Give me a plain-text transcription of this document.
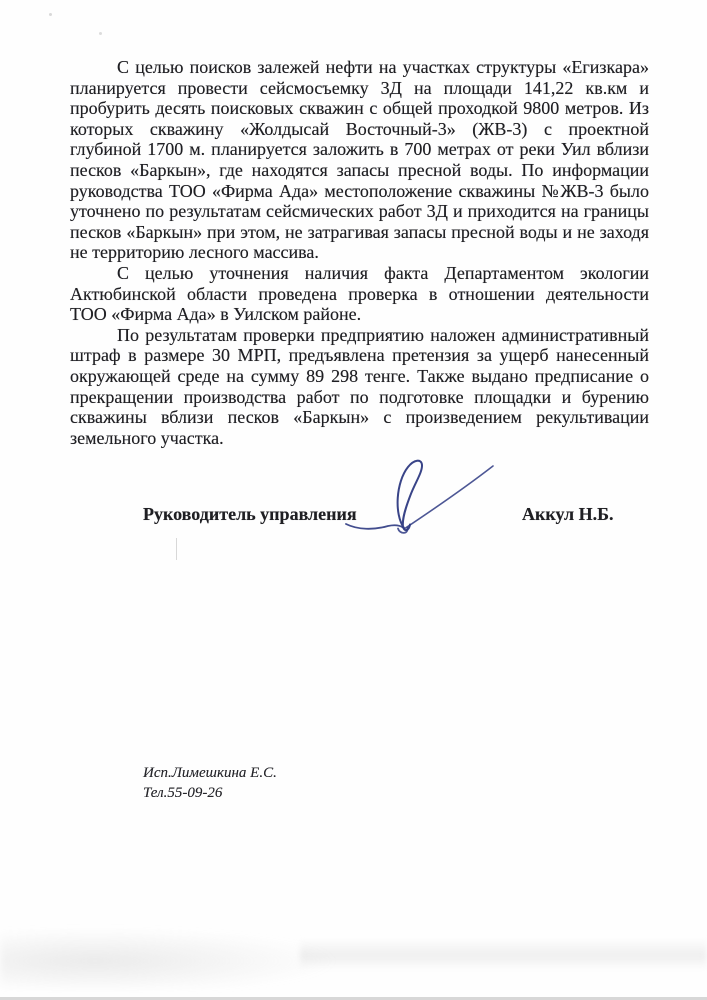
С целью поисков залежей нефти на участках структуры «Егизкара» планируется провести сейсмосъемку 3Д на площади 141,22 кв.км и пробурить десять поисковых скважин с общей проходкой 9800 метров. Из которых скважину «Жолдысай Восточный-3» (ЖВ-3) с проектной глубиной 1700 м. планируется заложить в 700 метрах от реки Уил вблизи песков «Баркын», где находятся запасы пресной воды. По информации руководства ТОО «Фирма Ада» местоположение скважины №ЖВ-3 было уточнено по результатам сейсмических работ 3Д и приходится на границы песков «Баркын» при этом, не затрагивая запасы пресной воды и не заходя не территорию лесного массива.

С целью уточнения наличия факта Департаментом экологии Актюбинской области проведена проверка в отношении деятельности ТОО «Фирма Ада» в Уилском районе.

По результатам проверки предприятию наложен административный штраф в размере 30 МРП, предъявлена претензия за ущерб нанесенный окружающей среде на сумму 89 298 тенге. Также выдано предписание о прекращении производства работ по подготовке площадки и бурению скважины вблизи песков «Баркын» с произведением рекультивации земельного участка.

Руководитель управления	Аккул Н.Б.
Исп.Лимешкина Е.С.
Тел.55-09-26
